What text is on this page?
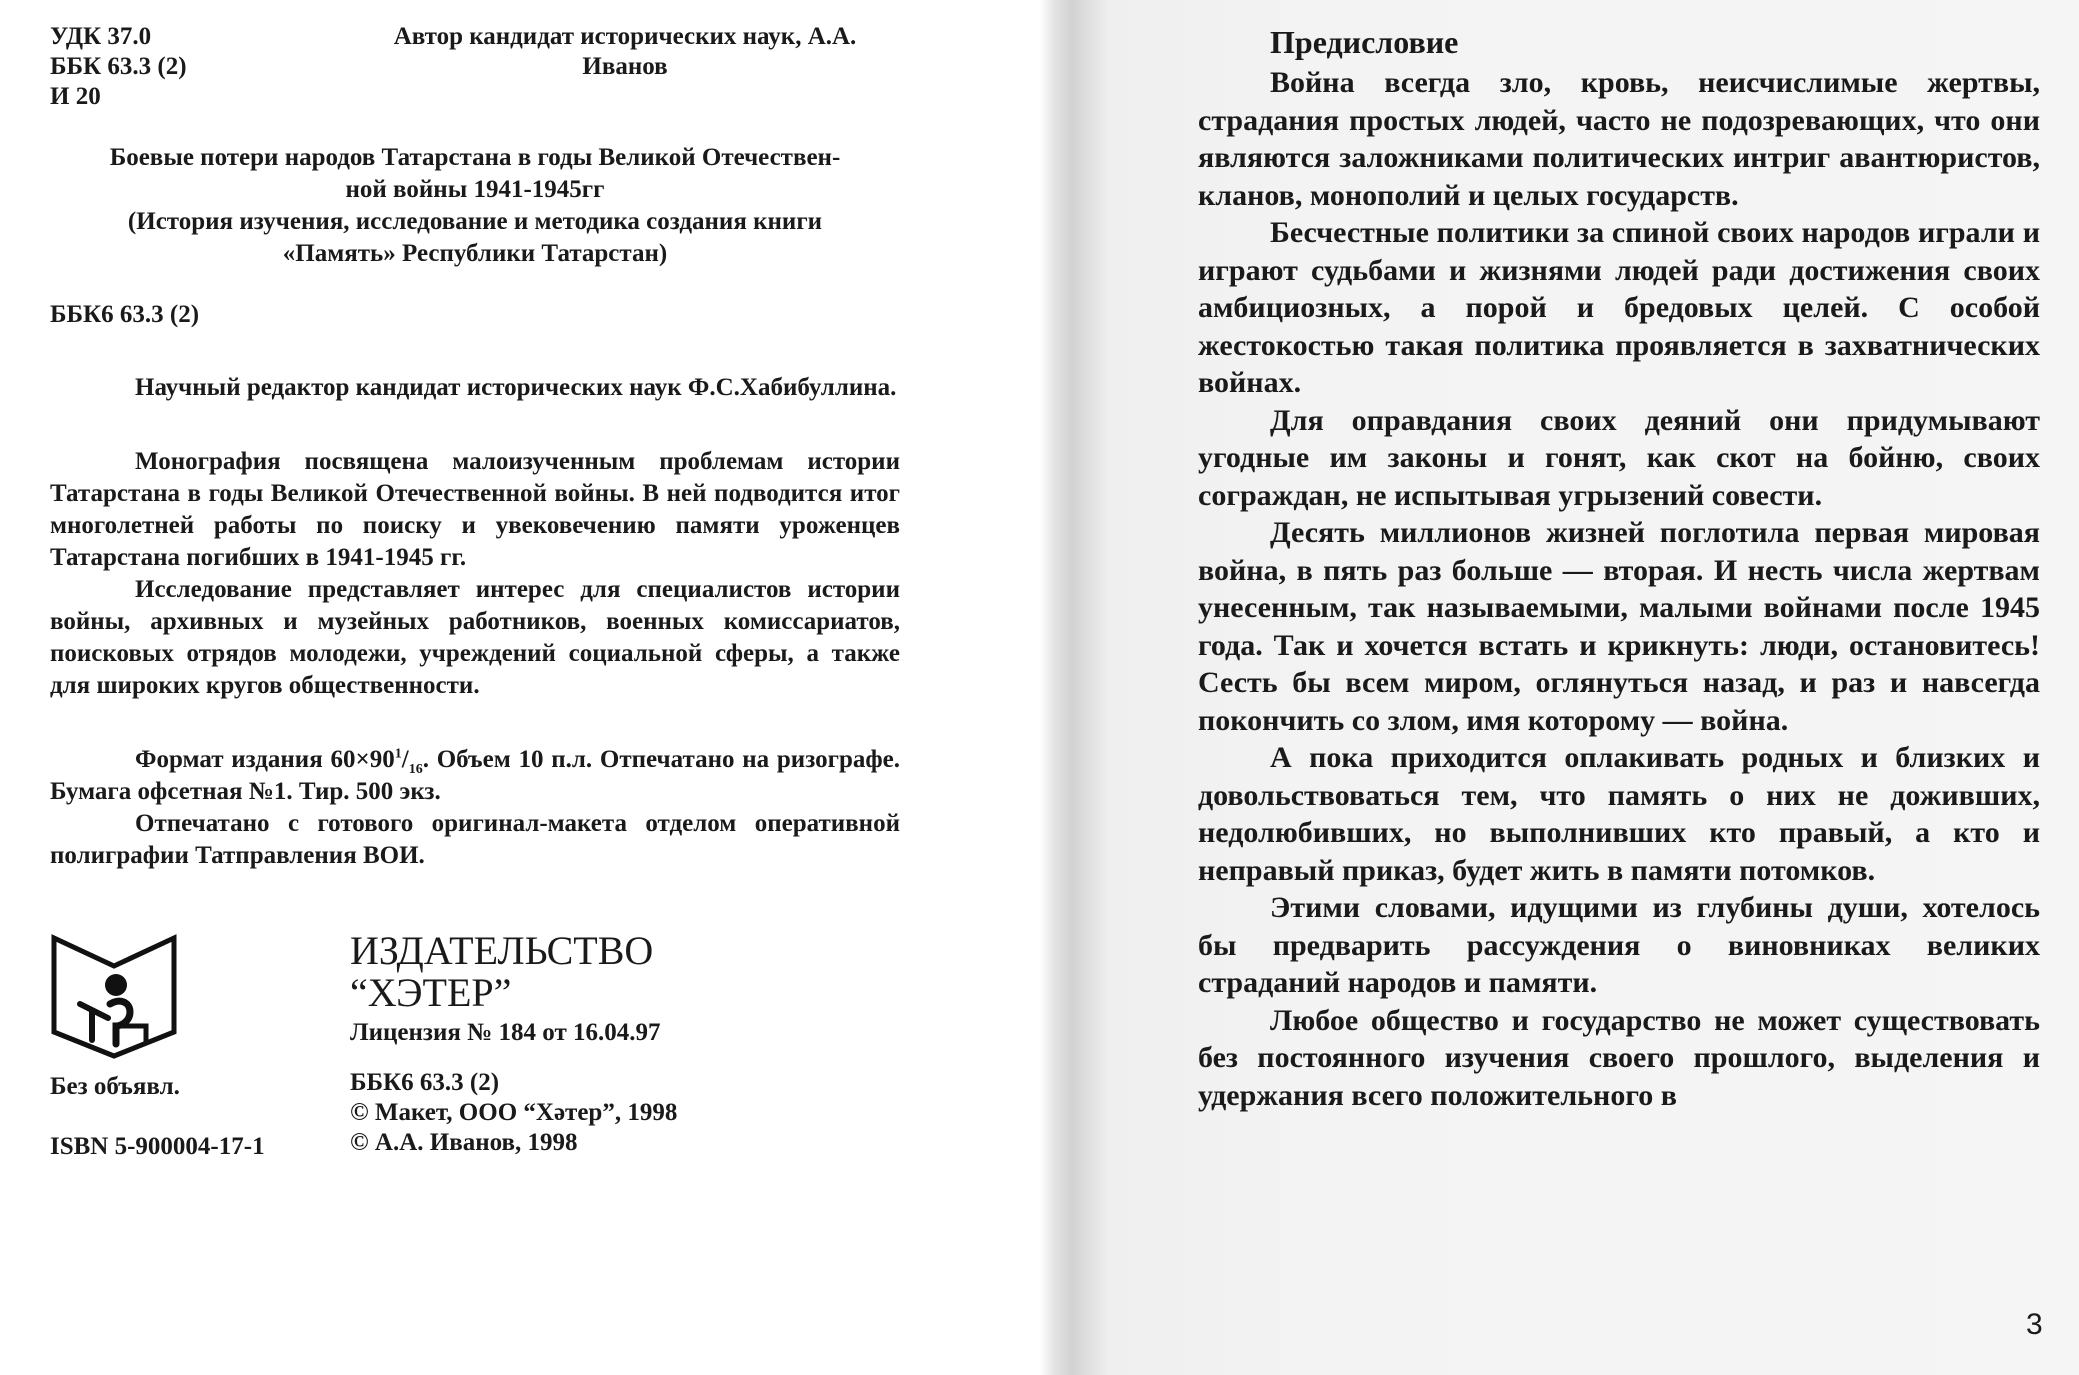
УДК 37.0
ББК 63.3 (2)
И 20
Автор кандидат исторических наук, А.А.
Иванов
Боевые потери народов Татарстана в годы Великой Отечествен-
ной войны 1941-1945гг
(История изучения, исследование и методика создания книги
«Память» Республики Татарстан)
ББК6 63.3 (2)
Научный редактор кандидат исторических наук Ф.С.Хабибуллина.
Монография посвящена малоизученным проблемам истории Татарстана в годы Великой Отечественной войны. В ней подводится итог многолетней работы по поиску и увековечению памяти уроженцев Татарстана погибших в 1941-1945 гг.
Исследование представляет интерес для специалистов истории войны, архивных и музейных работников, военных комиссариатов, поисковых отрядов молодежи, учреждений социальной сферы, а также для широких кругов общественности.
Формат издания $60\times 90^1/_{16}$. Объем 10 п.л. Отпечатано на ризографе. Бумага офсетная №1. Тир. 500 экз.
Отпечатано с готового оригинал-макета отделом оперативной полиграфии Татправления ВОИ.
Без объявл.
ISBN 5-900004-17-1
ИЗДАТЕЛЬСТВО
“ХЭТЕР”
Лицензия № 184 от 16.04.97
ББК6 63.3 (2)
© Макет, ООО “Хәтер”, 1998
© А.А. Иванов, 1998
Предисловие
Война всегда зло, кровь, неисчислимые жертвы, страдания простых людей, часто не подозревающих, что они являются заложниками политических интриг авантюристов, кланов, монополий и целых государств.
Бесчестные политики за спиной своих народов играли и играют судьбами и жизнями людей ради достижения своих амбициозных, а порой и бредовых целей. С особой жестокостью такая политика проявляется в захватнических войнах.
Для оправдания своих деяний они придумывают угодные им законы и гонят, как скот на бойню, своих сограждан, не испытывая угрызений совести.
Десять миллионов жизней поглотила первая мировая война, в пять раз больше — вторая. И несть числа жертвам унесенным, так называемыми, малыми войнами после 1945 года. Так и хочется встать и крикнуть: люди, остановитесь! Сесть бы всем миром, оглянуться назад, и раз и навсегда покончить со злом, имя которому — война.
А пока приходится оплакивать родных и близких и довольствоваться тем, что память о них не доживших, недолюбивших, но выполнивших кто правый, а кто и неправый приказ, будет жить в памяти потомков.
Этими словами, идущими из глубины души, хотелось бы предварить рассуждения о виновниках великих страданий народов и памяти.
Любое общество и государство не может существовать без постоянного изучения своего прошлого, выделения и удержания всего положительного в
3
